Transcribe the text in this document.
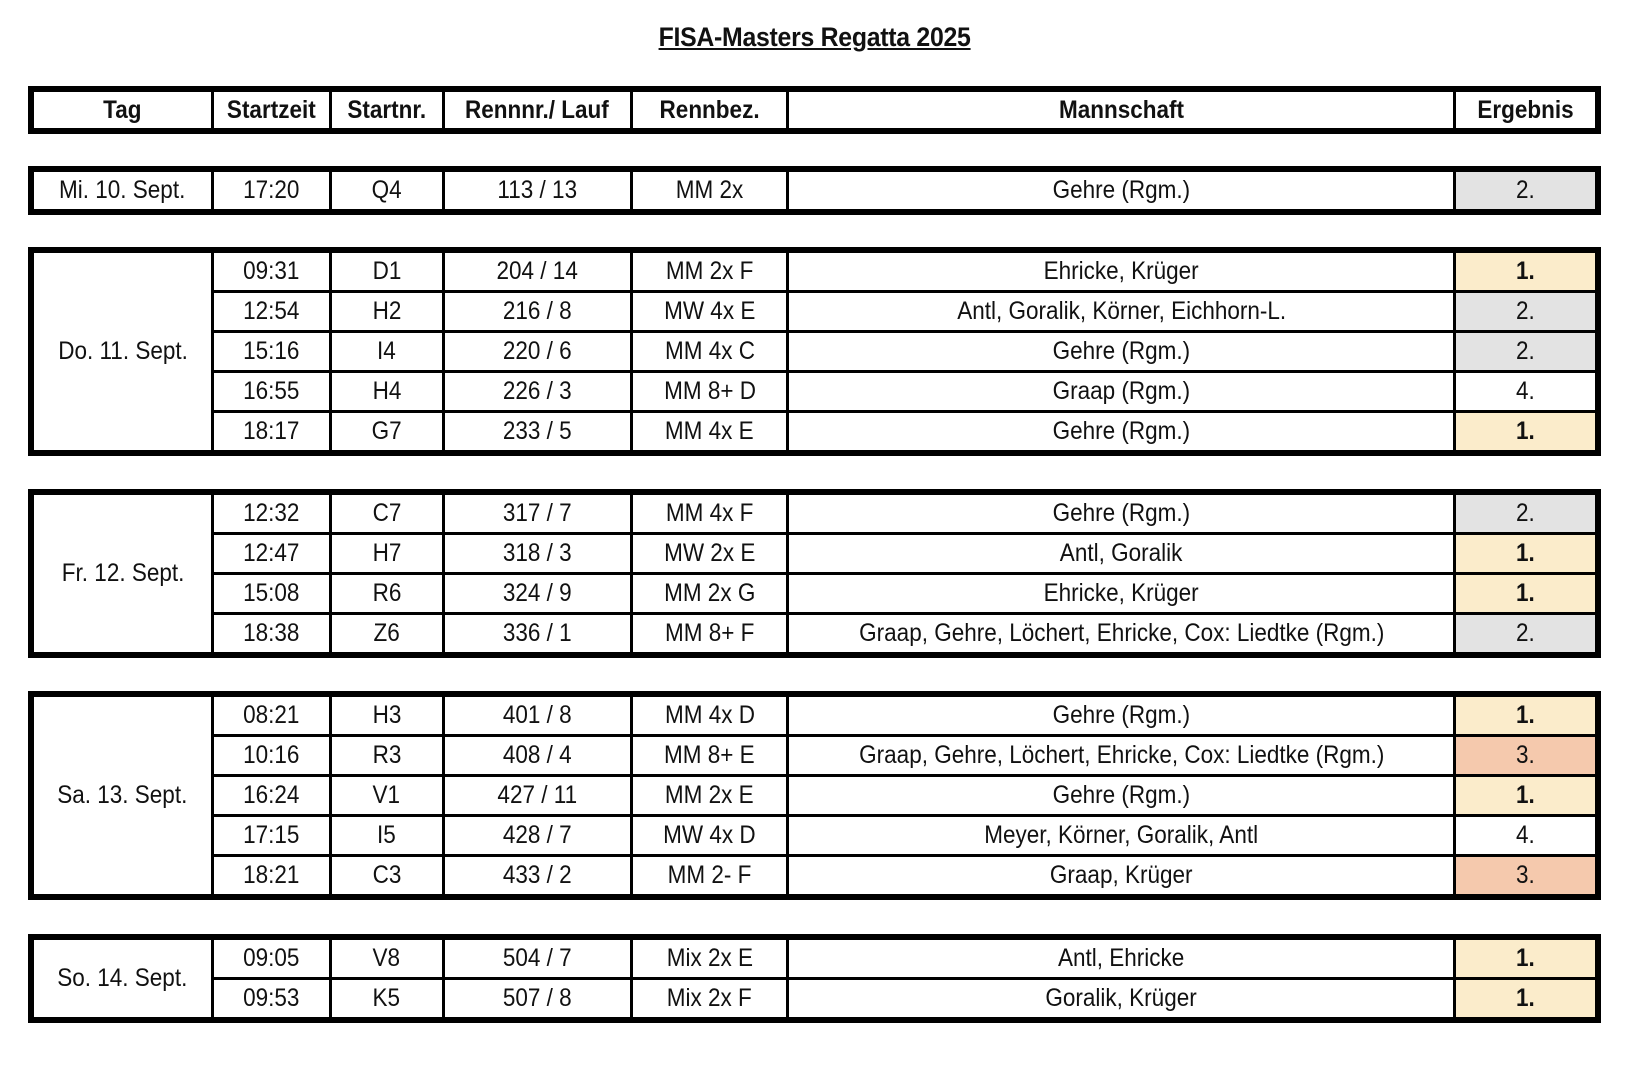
FISA-Masters Regatta 2025
Tag	Startzeit	Startnr.	Rennnr./ Lauf	Rennbez.	Mannschaft	Ergebnis
Mi. 10. Sept.	17:20	Q4	113 / 13	MM 2x	Gehre (Rgm.)	2.
Do. 11. Sept.	09:31	D1	204 / 14	MM 2x F	Ehricke, Krüger	1.
	12:54	H2	216 / 8	MW 4x E	Antl, Goralik, Körner, Eichhorn-L.	2.
	15:16	I4	220 / 6	MM 4x C	Gehre (Rgm.)	2.
	16:55	H4	226 / 3	MM 8+ D	Graap (Rgm.)	4.
	18:17	G7	233 / 5	MM 4x E	Gehre (Rgm.)	1.
Fr. 12. Sept.	12:32	C7	317 / 7	MM 4x F	Gehre (Rgm.)	2.
	12:47	H7	318 / 3	MW 2x E	Antl, Goralik	1.
	15:08	R6	324 / 9	MM 2x G	Ehricke, Krüger	1.
	18:38	Z6	336 / 1	MM 8+ F	Graap, Gehre, Löchert, Ehricke, Cox: Liedtke (Rgm.)	2.
Sa. 13. Sept.	08:21	H3	401 / 8	MM 4x D	Gehre (Rgm.)	1.
	10:16	R3	408 / 4	MM 8+ E	Graap, Gehre, Löchert, Ehricke, Cox: Liedtke (Rgm.)	3.
	16:24	V1	427 / 11	MM 2x E	Gehre (Rgm.)	1.
	17:15	I5	428 / 7	MW 4x D	Meyer, Körner, Goralik, Antl	4.
	18:21	C3	433 / 2	MM 2- F	Graap, Krüger	3.
So. 14. Sept.	09:05	V8	504 / 7	Mix 2x E	Antl, Ehricke	1.
	09:53	K5	507 / 8	Mix 2x F	Goralik, Krüger	1.
